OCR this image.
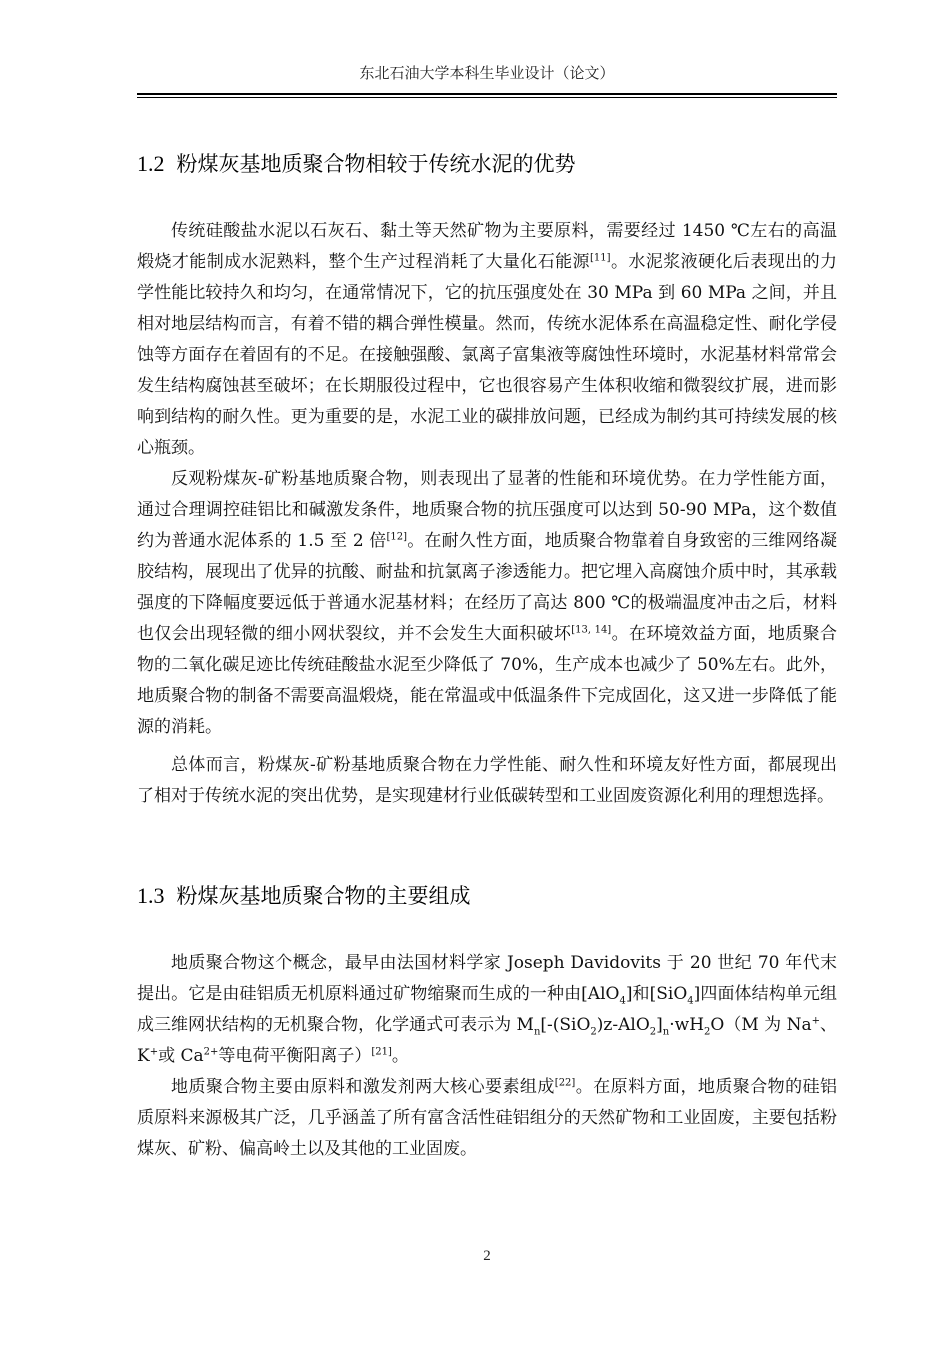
东北石油大学本科生毕业设计（论文）
1.2 粉煤灰基地质聚合物相较于传统水泥的优势

传统硅酸盐水泥以石灰石、黏土等天然矿物为主要原料，需要经过 1450 ℃左右的高温煅烧才能制成水泥熟料，整个生产过程消耗了大量化石能源[11]。水泥浆液硬化后表现出的力学性能比较持久和均匀，在通常情况下，它的抗压强度处在 30 MPa 到 60 MPa 之间，并且相对地层结构而言，有着不错的耦合弹性模量。然而，传统水泥体系在高温稳定性、耐化学侵蚀等方面存在着固有的不足。在接触强酸、氯离子富集液等腐蚀性环境时，水泥基材料常常会发生结构腐蚀甚至破坏；在长期服役过程中，它也很容易产生体积收缩和微裂纹扩展，进而影响到结构的耐久性。更为重要的是，水泥工业的碳排放问题，已经成为制约其可持续发展的核心瓶颈。

反观粉煤灰-矿粉基地质聚合物，则表现出了显著的性能和环境优势。在力学性能方面，通过合理调控硅铝比和碱激发条件，地质聚合物的抗压强度可以达到 50-90 MPa，这个数值约为普通水泥体系的 1.5 至 2 倍[12]。在耐久性方面，地质聚合物靠着自身致密的三维网络凝胶结构，展现出了优异的抗酸、耐盐和抗氯离子渗透能力。把它埋入高腐蚀介质中时，其承载强度的下降幅度要远低于普通水泥基材料；在经历了高达 800 ℃的极端温度冲击之后，材料也仅会出现轻微的细小网状裂纹，并不会发生大面积破坏[13, 14]。在环境效益方面，地质聚合物的二氧化碳足迹比传统硅酸盐水泥至少降低了 70%，生产成本也减少了 50%左右。此外，地质聚合物的制备不需要高温煅烧，能在常温或中低温条件下完成固化，这又进一步降低了能源的消耗。

总体而言，粉煤灰-矿粉基地质聚合物在力学性能、耐久性和环境友好性方面，都展现出了相对于传统水泥的突出优势，是实现建材行业低碳转型和工业固废资源化利用的理想选择。

1.3 粉煤灰基地质聚合物的主要组成

地质聚合物这个概念，最早由法国材料学家 Joseph Davidovits 于 20 世纪 70 年代末提出。它是由硅铝质无机原料通过矿物缩聚而生成的一种由[AlO$_4$]和[SiO$_4$]四面体结构单元组成三维网状结构的无机聚合物，化学通式可表示为 $M_n[-(SiO_2)z-AlO_2]_n\cdot wH_2O(M$ 为 Na+、K+或 $Ca^{2+}$等电荷平衡阳离子）[21]。

地质聚合物主要由原料和激发剂两大核心要素组成[22]。在原料方面，地质聚合物的硅铝质原料来源极其广泛，几乎涵盖了所有富含活性硅铝组分的天然矿物和工业固废，主要包括粉煤灰、矿粉、偏高岭土以及其他的工业固废。

2
